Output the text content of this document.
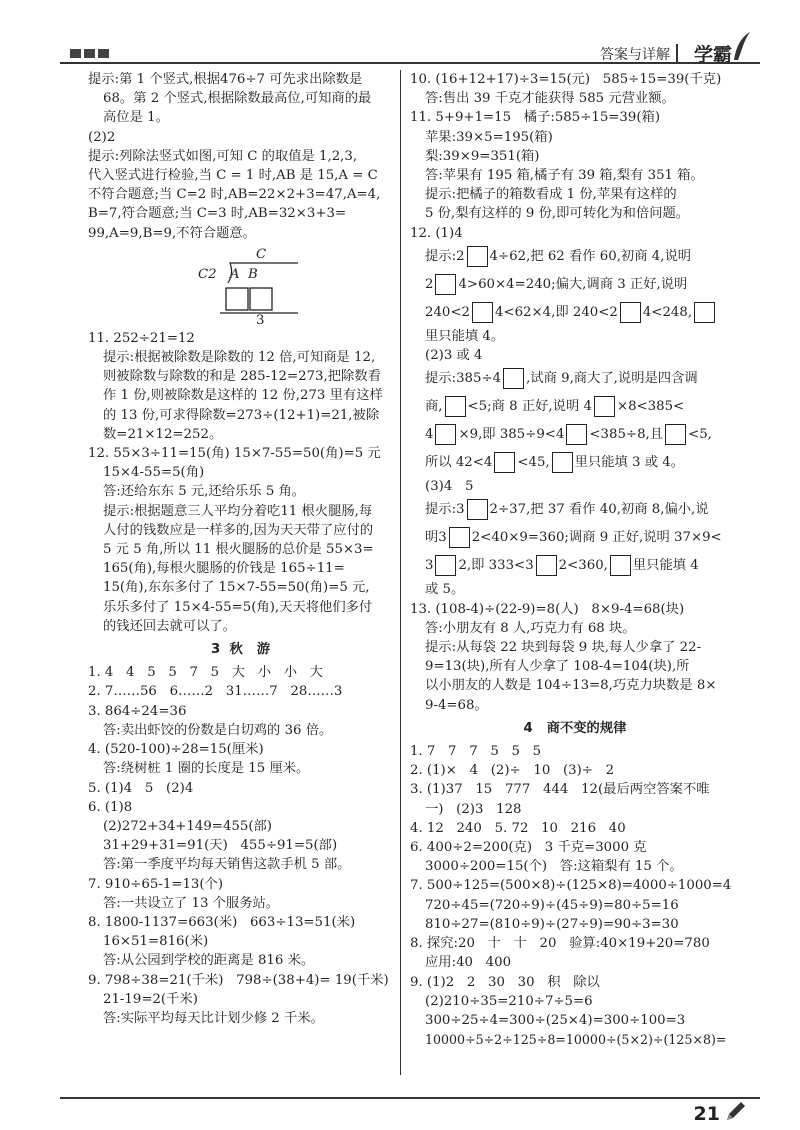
答案与详解 学霸
提示:第 1 个竖式,根据476÷7 可先求出除数是
68。第 2 个竖式,根据除数最高位,可知商的最
高位是 1。
(2)2
提示:列除法竖式如图,可知 C 的取值是 1,2,3,
代入竖式进行检验,当 C = 1 时,AB 是 15,A = C
不符合题意;当 C=2 时,AB=22×2+3=47,A=4,
B=7,符合题意;当 C=3 时,AB=32×3+3=
99,A=9,B=9,不符合题意。
C
C2 A  B
3
11. 252÷21=12
提示:根据被除数是除数的 12 倍,可知商是 12,
则被除数与除数的和是 285-12=273,把除数看
作 1 份,则被除数是这样的 12 份,273 里有这样
的 13 份,可求得除数=273÷(12+1)=21,被除
数=21×12=252。
12. 55×3÷11=15(角) 15×7-55=50(角)=5 元
15×4-55=5(角)
答:还给东东 5 元,还给乐乐 5 角。
提示:根据题意三人平均分着吃11 根火腿肠,每
人付的钱数应是一样多的,因为天天带了应付的
5 元 5 角,所以 11 根火腿肠的总价是 55×3=
165(角),每根火腿肠的价钱是 165÷11=
15(角),东东多付了 15×7-55=50(角)=5 元,
乐乐多付了 15×4-55=5(角),天天将他们多付
的钱还回去就可以了。
3  秋   游
1. 4   4   5   5   7   5   大   小   小   大
2. 7……56   6……2   31……7   28……3
3. 864÷24=36
答:卖出虾饺的份数是白切鸡的 36 倍。
4. (520-100)÷28=15(厘米)
答:绕树桩 1 圈的长度是 15 厘米。
5. (1)4   5   (2)4
6. (1)8
(2)272+34+149=455(部)
31+29+31=91(天)   455÷91=5(部)
答:第一季度平均每天销售这款手机 5 部。
7. 910÷65-1=13(个)
答:一共设立了 13 个服务站。
8. 1800-1137=663(米)   663÷13=51(米)
16×51=816(米)
答:从公园到学校的距离是 816 米。
9. 798÷38=21(千米)   798÷(38+4)= 19(千米)
21-19=2(千米)
答:实际平均每天比计划少修 2 千米。
10. (16+12+17)÷3=15(元)   585÷15=39(千克)
答:售出 39 千克才能获得 585 元营业额。
11. 5+9+1=15   橘子:585÷15=39(箱)
苹果:39×5=195(箱)
梨:39×9=351(箱)
答:苹果有 195 箱,橘子有 39 箱,梨有 351 箱。
提示:把橘子的箱数看成 1 份,苹果有这样的
5 份,梨有这样的 9 份,即可转化为和倍问题。
12. (1)4
提示:2 4÷62,把 62 看作 60,初商 4,说明
2 4>60×4=240;偏大,调商 3 正好,说明
240<2 4<62×4,即 240<2 4<248,
里只能填 4。
(2)3 或 4
提示:385÷4 ,试商 9,商大了,说明是四含调
商, <5;商 8 正好,说明 4 ×8<385<
4 ×9,即 385÷9<4 <385÷8,且 <5,
所以 42<4 <45, 里只能填 3 或 4。
(3)4   5
提示:3 2÷37,把 37 看作 40,初商 8,偏小,说
明3 2<40×9=360;调商 9 正好,说明 37×9<
3 2,即 333<3 2<360, 里只能填 4
或 5。
13. (108-4)÷(22-9)=8(人)   8×9-4=68(块)
答:小朋友有 8 人,巧克力有 68 块。
提示:从每袋 22 块到每袋 9 块,每人少拿了 22-
9=13(块),所有人少拿了 108-4=104(块),所
以小朋友的人数是 104÷13=8,巧克力块数是 8×
9-4=68。
4   商不变的规律
1. 7   7   7   5   5   5
2. (1)×   4   (2)÷   10   (3)÷   2
3. (1)37   15   777   444   12(最后两空答案不唯
一)   (2)3   128
4. 12   240   5. 72   10   216   40
6. 400÷2=200(克)   3 千克=3000 克
3000÷200=15(个)   答:这箱梨有 15 个。
7. 500÷125=(500×8)÷(125×8)=4000÷1000=4
720÷45=(720÷9)÷(45÷9)=80÷5=16
810÷27=(810÷9)÷(27÷9)=90÷3=30
8. 探究:20   十   十   20   验算:40×19+20=780
应用:40   400
9. (1)2   2   30   30   积   除以
(2)210÷35=210÷7÷5=6
300÷25÷4=300÷(25×4)=300÷100=3
10000÷5÷2÷125÷8=10000÷(5×2)÷(125×8)=
21
